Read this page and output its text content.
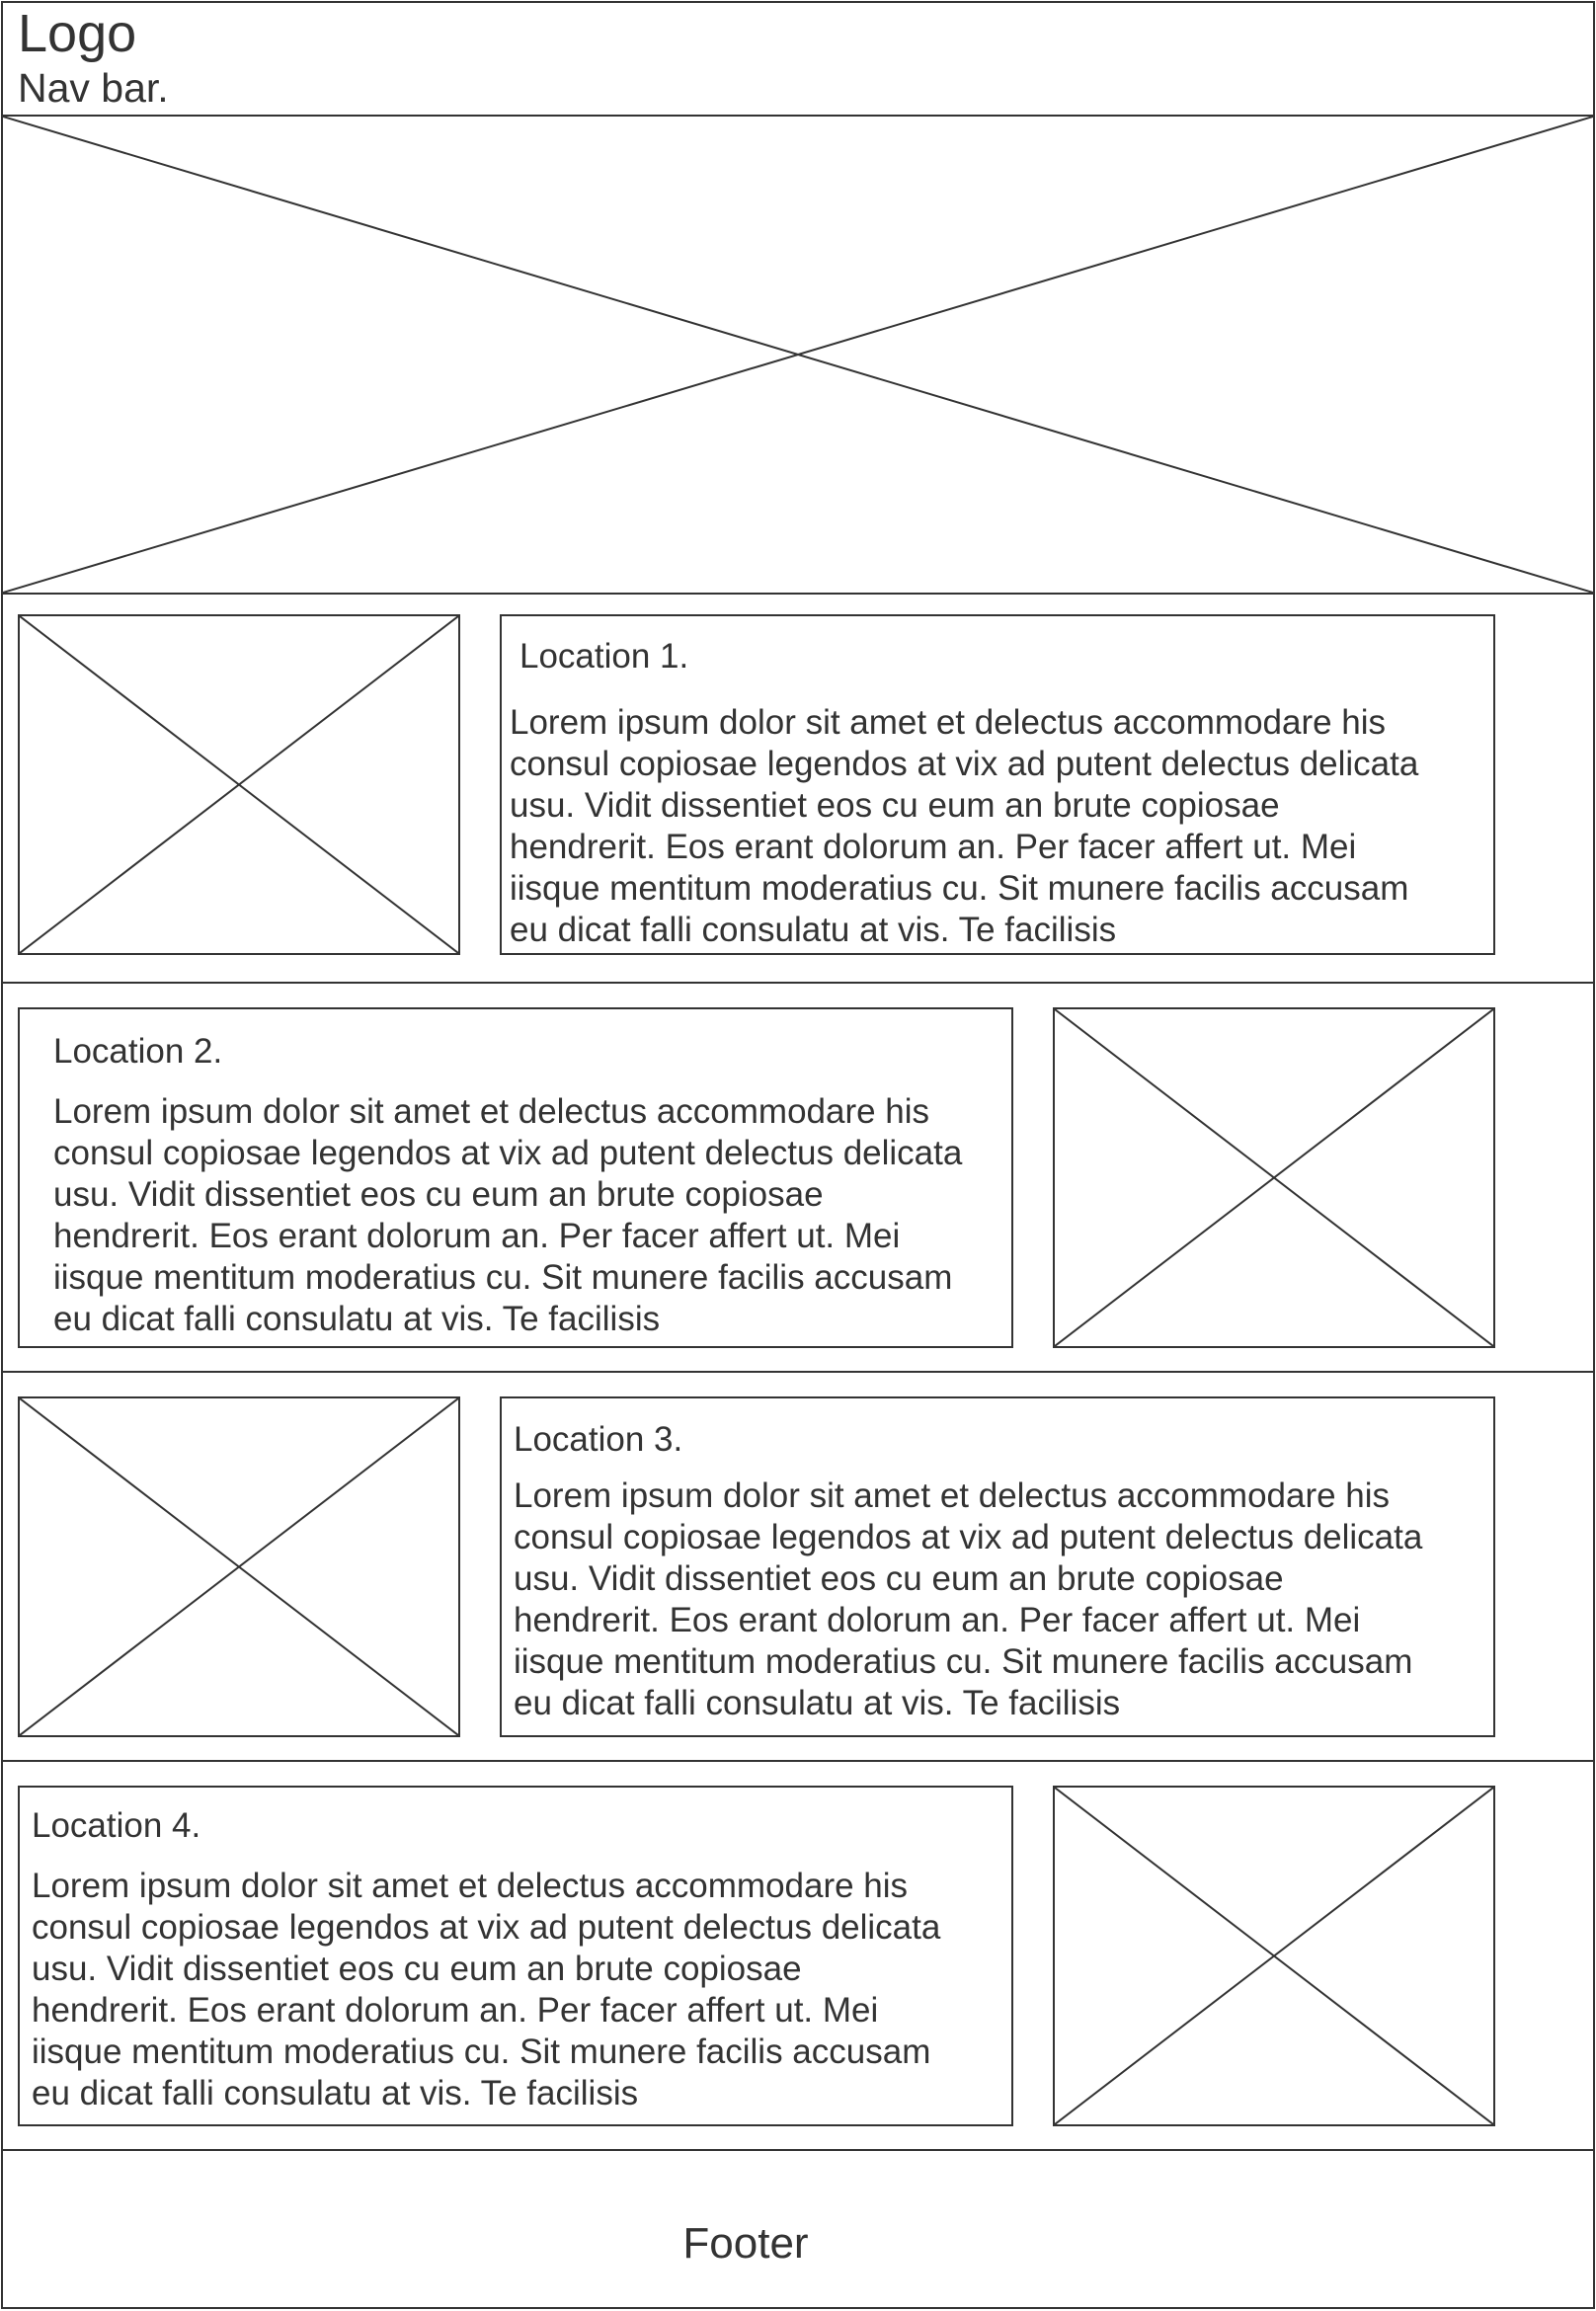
Logo
Nav bar.
Location 1.
Lorem ipsum dolor sit amet et delectus accommodare his
consul copiosae legendos at vix ad putent delectus delicata
usu. Vidit dissentiet eos cu eum an brute copiosae
hendrerit. Eos erant dolorum an. Per facer affert ut. Mei
iisque mentitum moderatius cu. Sit munere facilis accusam
eu dicat falli consulatu at vis. Te facilisis
Location 2.
Lorem ipsum dolor sit amet et delectus accommodare his
consul copiosae legendos at vix ad putent delectus delicata
usu. Vidit dissentiet eos cu eum an brute copiosae
hendrerit. Eos erant dolorum an. Per facer affert ut. Mei
iisque mentitum moderatius cu. Sit munere facilis accusam
eu dicat falli consulatu at vis. Te facilisis
Location 3.
Lorem ipsum dolor sit amet et delectus accommodare his
consul copiosae legendos at vix ad putent delectus delicata
usu. Vidit dissentiet eos cu eum an brute copiosae
hendrerit. Eos erant dolorum an. Per facer affert ut. Mei
iisque mentitum moderatius cu. Sit munere facilis accusam
eu dicat falli consulatu at vis. Te facilisis
Location 4.
Lorem ipsum dolor sit amet et delectus accommodare his
consul copiosae legendos at vix ad putent delectus delicata
usu. Vidit dissentiet eos cu eum an brute copiosae
hendrerit. Eos erant dolorum an. Per facer affert ut. Mei
iisque mentitum moderatius cu. Sit munere facilis accusam
eu dicat falli consulatu at vis. Te facilisis
Footer
